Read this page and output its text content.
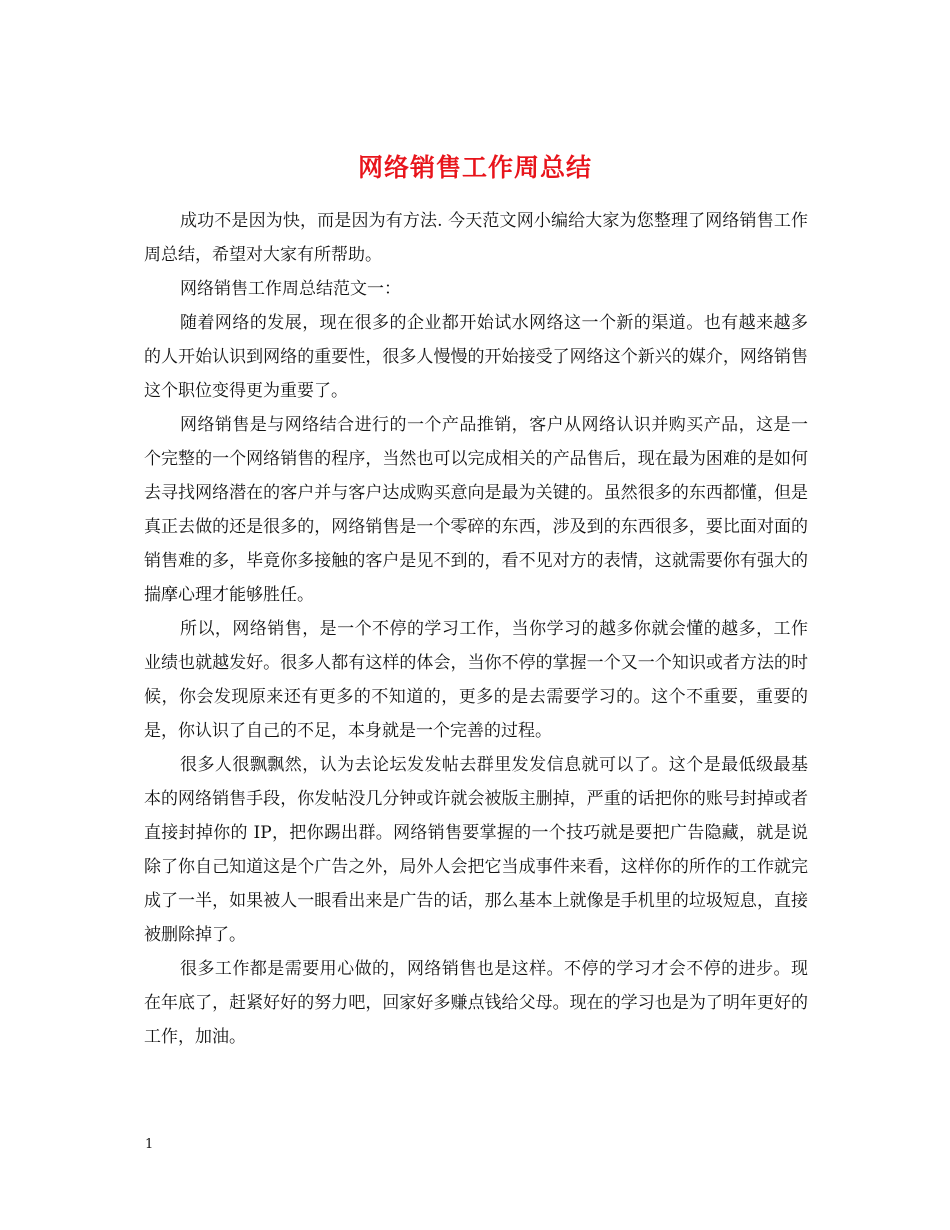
网络销售工作周总结

成功不是因为快，而是因为有方法. 今天范文网小编给大家为您整理了网络销售工作周总结，希望对大家有所帮助。

网络销售工作周总结范文一：

随着网络的发展，现在很多的企业都开始试水网络这一个新的渠道。也有越来越多的人开始认识到网络的重要性，很多人慢慢的开始接受了网络这个新兴的媒介，网络销售这个职位变得更为重要了。

网络销售是与网络结合进行的一个产品推销，客户从网络认识并购买产品，这是一个完整的一个网络销售的程序，当然也可以完成相关的产品售后，现在最为困难的是如何去寻找网络潜在的客户并与客户达成购买意向是最为关键的。虽然很多的东西都懂，但是真正去做的还是很多的，网络销售是一个零碎的东西，涉及到的东西很多，要比面对面的销售难的多，毕竟你多接触的客户是见不到的，看不见对方的表情，这就需要你有强大的揣摩心理才能够胜任。

所以，网络销售，是一个不停的学习工作，当你学习的越多你就会懂的越多，工作业绩也就越发好。很多人都有这样的体会，当你不停的掌握一个又一个知识或者方法的时候，你会发现原来还有更多的不知道的，更多的是去需要学习的。这个不重要，重要的是，你认识了自己的不足，本身就是一个完善的过程。

很多人很飘飘然，认为去论坛发发帖去群里发发信息就可以了。这个是最低级最基本的网络销售手段，你发帖没几分钟或许就会被版主删掉，严重的话把你的账号封掉或者直接封掉你的 IP，把你踢出群。网络销售要掌握的一个技巧就是要把广告隐藏，就是说除了你自己知道这是个广告之外，局外人会把它当成事件来看，这样你的所作的工作就完成了一半，如果被人一眼看出来是广告的话，那么基本上就像是手机里的垃圾短息，直接被删除掉了。

很多工作都是需要用心做的，网络销售也是这样。不停的学习才会不停的进步。现在年底了，赶紧好好的努力吧，回家好多赚点钱给父母。现在的学习也是为了明年更好的工作，加油。

1
